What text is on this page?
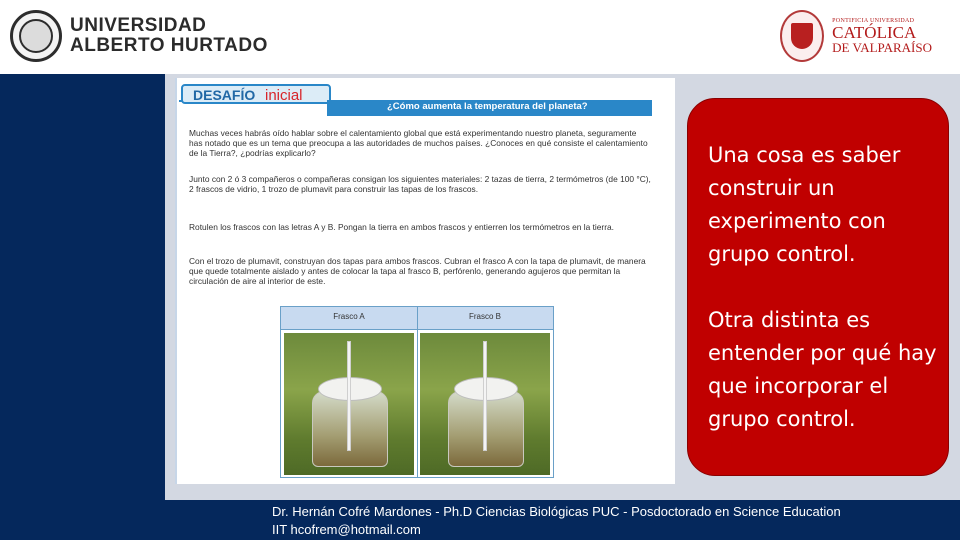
UNIVERSIDAD
ALBERTO HURTADO
PONTIFICIA UNIVERSIDAD
CATÓLICA
DE VALPARAÍSO
DESAFÍO inicial
¿Cómo aumenta la temperatura del planeta?
Muchas veces habrás oído hablar sobre el calentamiento global que está experimentando nuestro planeta, seguramente has notado que es un tema que preocupa a las autoridades de muchos países. ¿Conoces en qué consiste el calentamiento de la Tierra?, ¿podrías explicarlo?
Junto con 2 ó 3 compañeros o compañeras consigan los siguientes materiales: 2 tazas de tierra, 2 termómetros (de 100 °C), 2 frascos de vidrio, 1 trozo de plumavit para construir las tapas de los frascos.
Rotulen los frascos con las letras A y B. Pongan la tierra en ambos frascos y entierren los termómetros en la tierra.
Con el trozo de plumavit, construyan dos tapas para ambos frascos. Cubran el frasco A con la tapa de plumavit, de manera que quede totalmente aislado y antes de colocar la tapa al frasco B, perfórenlo, generando agujeros que permitan la circulación de aire al interior de este.
Frasco A	Frasco B
Una cosa es saber construir un experimento con grupo control.
Otra distinta es entender por qué hay que incorporar el grupo control.
Dr. Hernán Cofré Mardones - Ph.D Ciencias Biológicas PUC - Posdoctorado en Science Education IIT hcofrem@hotmail.com
